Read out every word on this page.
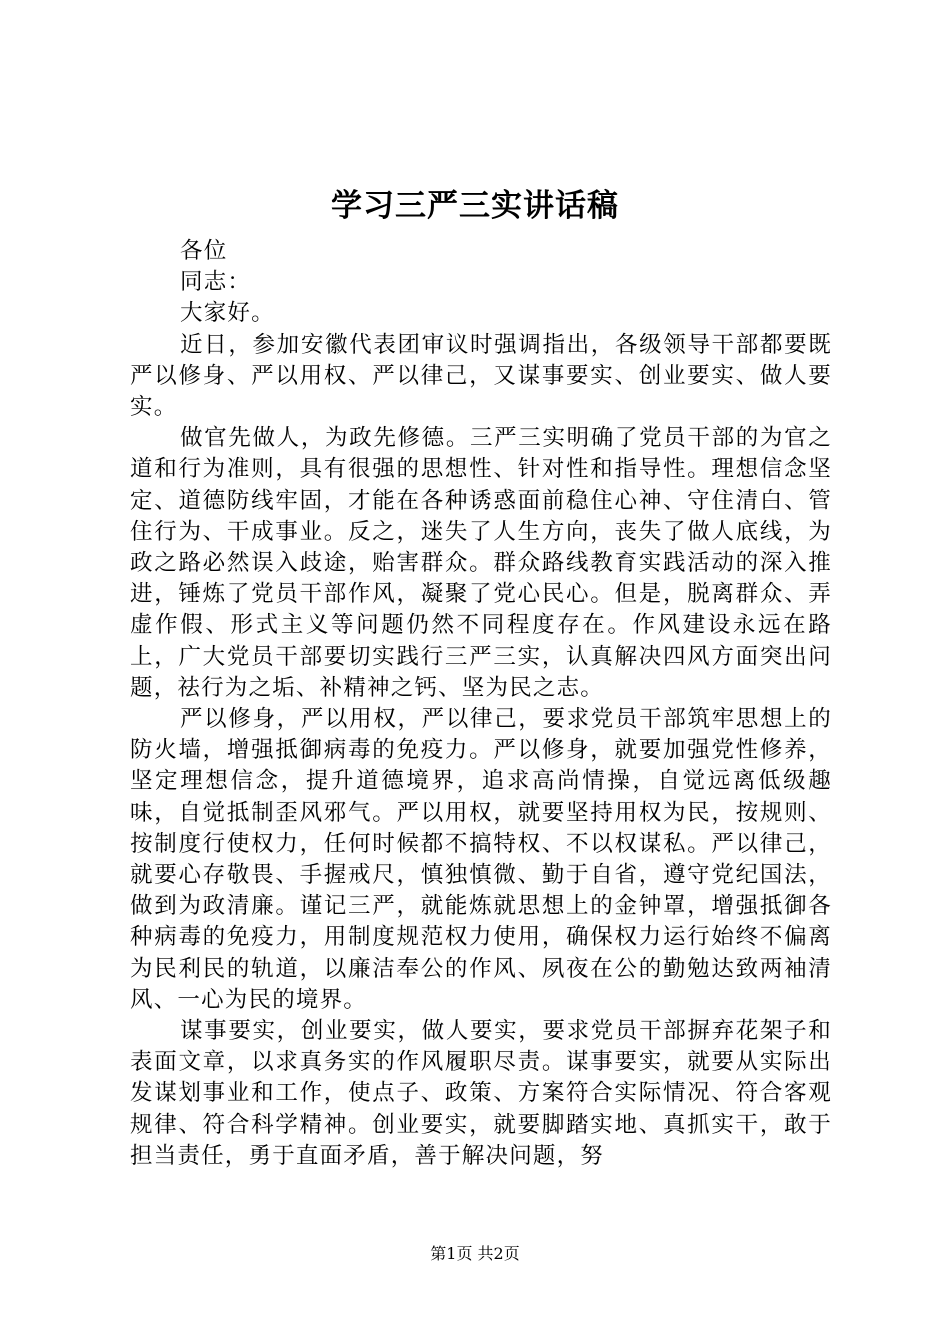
学习三严三实讲话稿

各位

同志：

大家好。

近日，参加安徽代表团审议时强调指出，各级领导干部都要既严以修身、严以用权、严以律己，又谋事要实、创业要实、做人要实。

做官先做人，为政先修德。三严三实明确了党员干部的为官之道和行为准则，具有很强的思想性、针对性和指导性。理想信念坚定、道德防线牢固，才能在各种诱惑面前稳住心神、守住清白、管住行为、干成事业。反之，迷失了人生方向，丧失了做人底线，为政之路必然误入歧途，贻害群众。群众路线教育实践活动的深入推进，锤炼了党员干部作风，凝聚了党心民心。但是，脱离群众、弄虚作假、形式主义等问题仍然不同程度存在。作风建设永远在路上，广大党员干部要切实践行三严三实，认真解决四风方面突出问题，祛行为之垢、补精神之钙、坚为民之志。

严以修身，严以用权，严以律己，要求党员干部筑牢思想上的防火墙，增强抵御病毒的免疫力。严以修身，就要加强党性修养，坚定理想信念，提升道德境界，追求高尚情操，自觉远离低级趣味，自觉抵制歪风邪气。严以用权，就要坚持用权为民，按规则、按制度行使权力，任何时候都不搞特权、不以权谋私。严以律己，就要心存敬畏、手握戒尺，慎独慎微、勤于自省，遵守党纪国法，做到为政清廉。谨记三严，就能炼就思想上的金钟罩，增强抵御各种病毒的免疫力，用制度规范权力使用，确保权力运行始终不偏离为民利民的轨道，以廉洁奉公的作风、夙夜在公的勤勉达致两袖清风、一心为民的境界。

谋事要实，创业要实，做人要实，要求党员干部摒弃花架子和表面文章，以求真务实的作风履职尽责。谋事要实，就要从实际出发谋划事业和工作，使点子、政策、方案符合实际情况、符合客观规律、符合科学精神。创业要实，就要脚踏实地、真抓实干，敢于担当责任，勇于直面矛盾，善于解决问题，努

第1页 共2页
